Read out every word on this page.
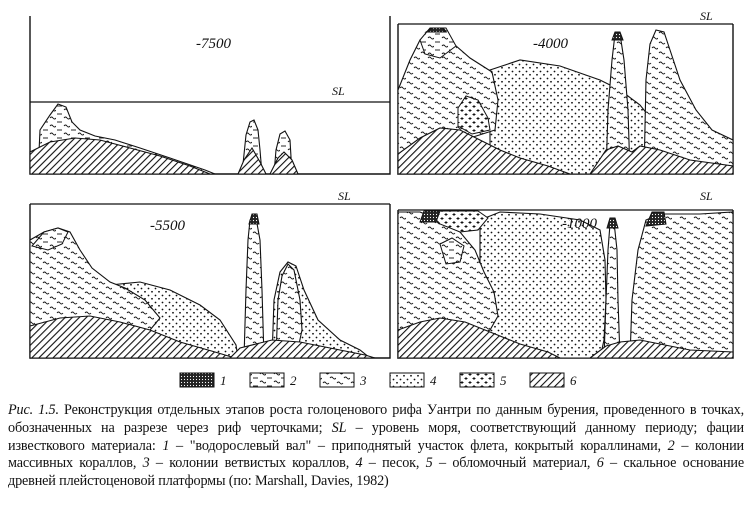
-7500
SL
-4000
SL
-5500
SL
-1000
SL
1	2	3	4	5	6
Рис. 1.5. Реконструкция отдельных этапов роста голоценового рифа Уантри по данным бурения, проведенного в точках, обозначенных на разрезе через риф черточками; SL – уровень моря, соответствующий данному периоду; фации известкового материала: 1 – "водорослевый вал" – приподнятый участок флета, кокрытый кораллинами, 2 – колонии массивных кораллов, 3 – колонии ветвистых кораллов, 4 – песок, 5 – обломочный материал, 6 – скальное основание древней плейстоценовой платформы (по: Marshall, Davies, 1982)
